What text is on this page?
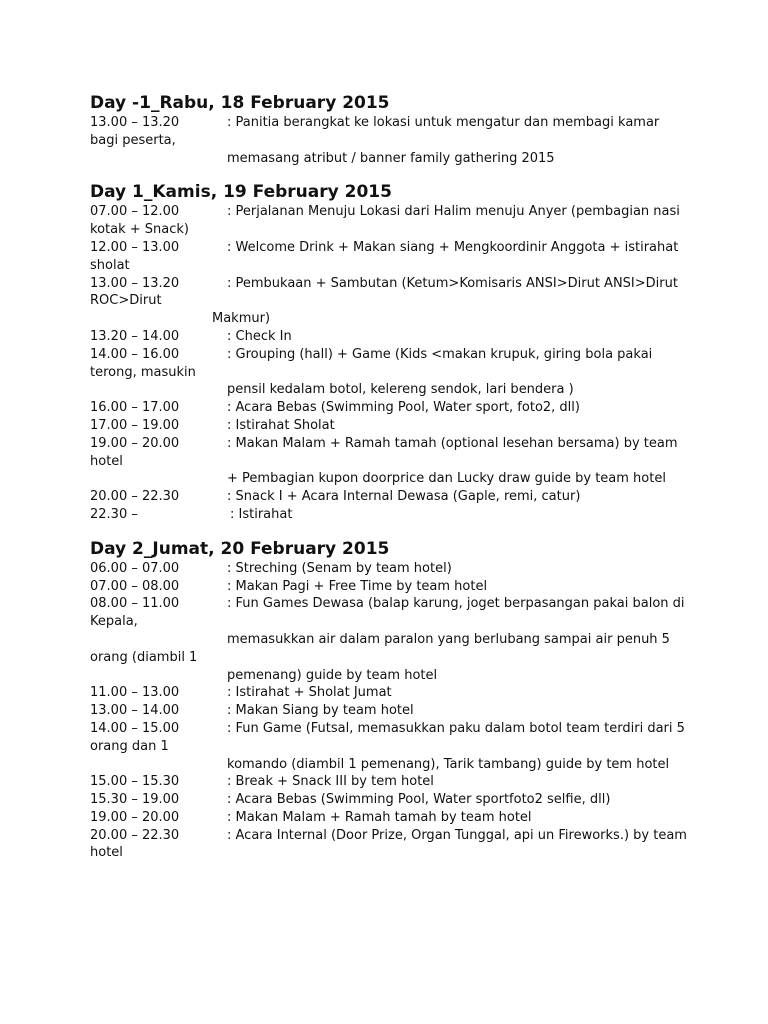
Day -1_Rabu, 18 February 2015
13.00 – 13.20	: Panitia berangkat ke lokasi untuk mengatur dan membagi kamar bagi peserta,
memasang atribut / banner family gathering 2015
Day 1_Kamis, 19 February 2015
07.00 – 12.00	: Perjalanan Menuju Lokasi dari Halim menuju Anyer (pembagian nasi kotak + Snack)
12.00 – 13.00	: Welcome Drink + Makan siang + Mengkoordinir Anggota + istirahat sholat
13.00 – 13.20	: Pembukaan + Sambutan (Ketum>Komisaris ANSI>Dirut ANSI>Dirut ROC>Dirut
Makmur)
13.20 – 14.00	: Check In
14.00 – 16.00	: Grouping (hall) + Game (Kids <makan krupuk, giring bola pakai terong, masukin
pensil kedalam botol, kelereng sendok, lari bendera )
16.00 – 17.00	: Acara Bebas (Swimming Pool, Water sport, foto2, dll)
17.00 – 19.00	: Istirahat Sholat
19.00 – 20.00	: Makan Malam + Ramah tamah (optional lesehan bersama) by team hotel
+ Pembagian kupon doorprice dan Lucky draw guide by team hotel
20.00 – 22.30	: Snack I + Acara Internal Dewasa (Gaple, remi, catur)
22.30 –	: Istirahat
Day 2_Jumat, 20 February 2015
06.00 – 07.00	: Streching (Senam by team hotel)
07.00 – 08.00	: Makan Pagi + Free Time by team hotel
08.00 – 11.00	: Fun Games Dewasa (balap karung, joget berpasangan pakai balon di Kepala,
memasukkan air dalam paralon yang berlubang sampai air penuh 5 orang (diambil 1
pemenang) guide by team hotel
11.00 – 13.00	: Istirahat + Sholat Jumat
13.00 – 14.00	: Makan Siang by team hotel
14.00 – 15.00	: Fun Game (Futsal, memasukkan paku dalam botol team terdiri dari 5 orang dan 1
komando (diambil 1 pemenang), Tarik tambang) guide by tem hotel
15.00 – 15.30	: Break + Snack III by tem hotel
15.30 – 19.00	: Acara Bebas (Swimming Pool, Water sportfoto2 selfie, dll)
19.00 – 20.00	: Makan Malam + Ramah tamah by team hotel
20.00 – 22.30	: Acara Internal (Door Prize, Organ Tunggal, api un Fireworks.) by team hotel
